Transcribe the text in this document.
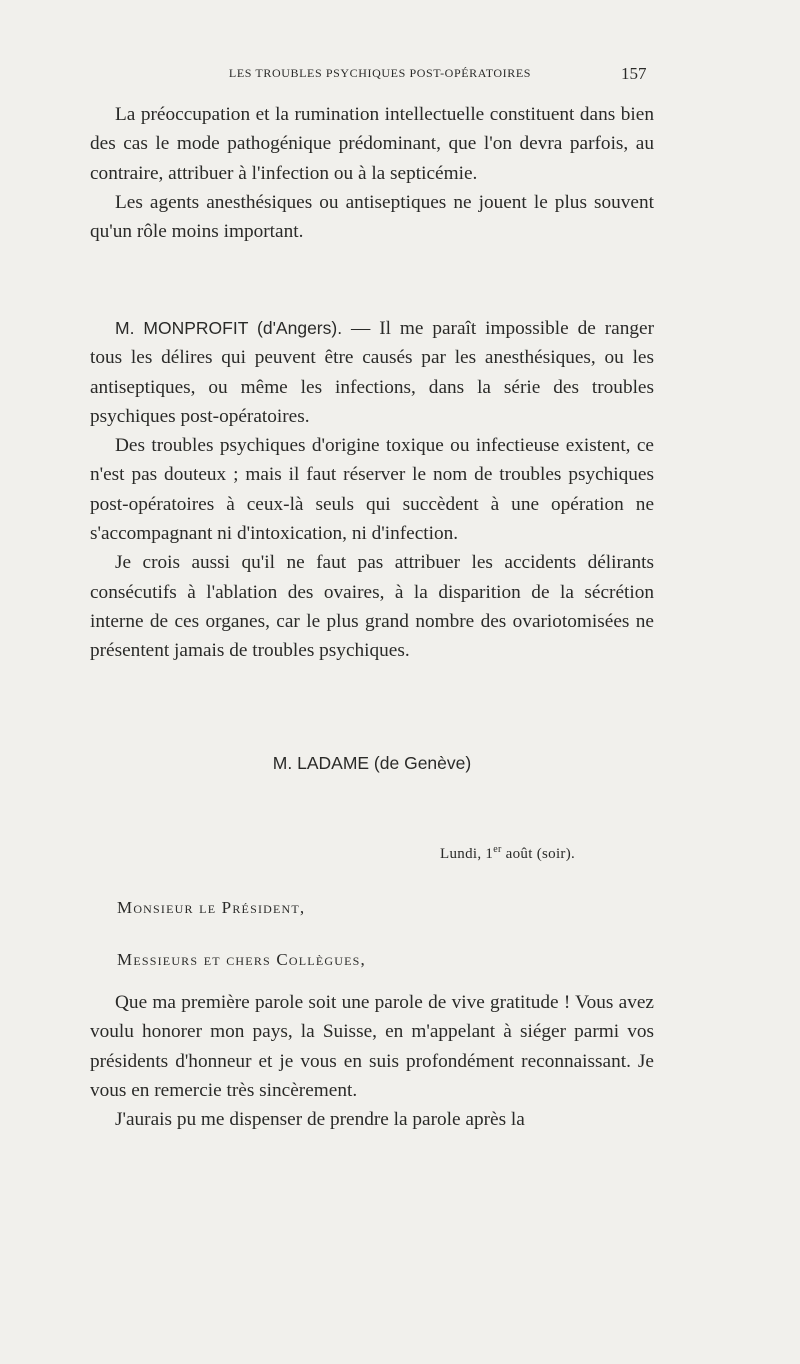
LES TROUBLES PSYCHIQUES POST-OPÉRATOIRES	157

La préoccupation et la rumination intellectuelle constituent dans bien des cas le mode pathogénique prédominant, que l'on devra parfois, au contraire, attribuer à l'infection ou à la septicémie.

Les agents anesthésiques ou antiseptiques ne jouent le plus souvent qu'un rôle moins important.

M. MONPROFIT (d'Angers). — Il me paraît impossible de ranger tous les délires qui peuvent être causés par les anesthésiques, ou les antiseptiques, ou même les infections, dans la série des troubles psychiques post-opératoires.

Des troubles psychiques d'origine toxique ou infectieuse existent, ce n'est pas douteux ; mais il faut réserver le nom de troubles psychiques post-opératoires à ceux-là seuls qui succèdent à une opération ne s'accompagnant ni d'intoxication, ni d'infection.

Je crois aussi qu'il ne faut pas attribuer les accidents délirants consécutifs à l'ablation des ovaires, à la disparition de la sécrétion interne de ces organes, car le plus grand nombre des ovariotomisées ne présentent jamais de troubles psychiques.

M. LADAME (de Genève)
Lundi, 1er août (soir).
Monsieur le Président,
Messieurs et chers Collègues,

Que ma première parole soit une parole de vive gratitude ! Vous avez voulu honorer mon pays, la Suisse, en m'appelant à siéger parmi vos présidents d'honneur et je vous en suis profondément reconnaissant. Je vous en remercie très sincèrement.

J'aurais pu me dispenser de prendre la parole après la
